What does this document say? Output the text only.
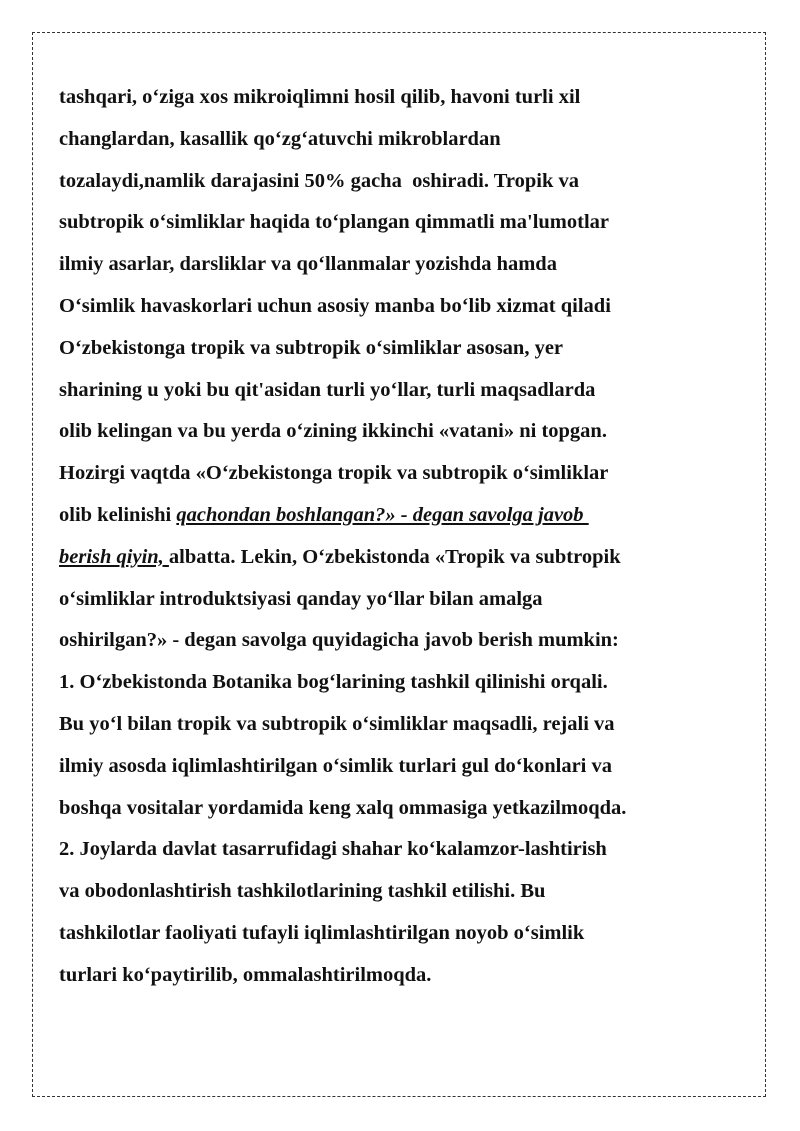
tashqari, o‘ziga xos mikroiqlimni hosil qilib, havoni turli xil
changlardan, kasallik qo‘zg‘atuvchi mikroblardan
tozalaydi,namlik darajasini 50% gacha  oshiradi. Tropik va
subtropik o‘simliklar haqida to‘plangan qimmatli ma'lumotlar
ilmiy asarlar, darsliklar va qo‘llanmalar yozishda hamda
O‘simlik havaskorlari uchun asosiy manba bo‘lib xizmat qiladi
O‘zbekistonga tropik va subtropik o‘simliklar asosan, yer
sharining u yoki bu qit'asidan turli yo‘llar, turli maqsadlarda
olib kelingan va bu yerda o‘zining ikkinchi «vatani» ni topgan.
Hozirgi vaqtda «O‘zbekistonga tropik va subtropik o‘simliklar
olib kelinishi qachondan boshlangan?» - degan savolga javob
berish qiyin, albatta. Lekin, O‘zbekistonda «Tropik va subtropik
o‘simliklar introduktsiyasi qanday yo‘llar bilan amalga
oshirilgan?» - degan savolga quyidagicha javob berish mumkin:
1. O‘zbekistonda Botanika bog‘larining tashkil qilinishi orqali.
Bu yo‘l bilan tropik va subtropik o‘simliklar maqsadli, rejali va
ilmiy asosda iqlimlashtirilgan o‘simlik turlari gul do‘konlari va
boshqa vositalar yordamida keng xalq ommasiga yetkazilmoqda.
2. Joylarda davlat tasarrufidagi shahar ko‘kalamzor-lashtirish
va obodonlashtirish tashkilotlarining tashkil etilishi. Bu
tashkilotlar faoliyati tufayli iqlimlashtirilgan noyob o‘simlik
turlari ko‘paytirilib, ommalashtirilmoqda.
